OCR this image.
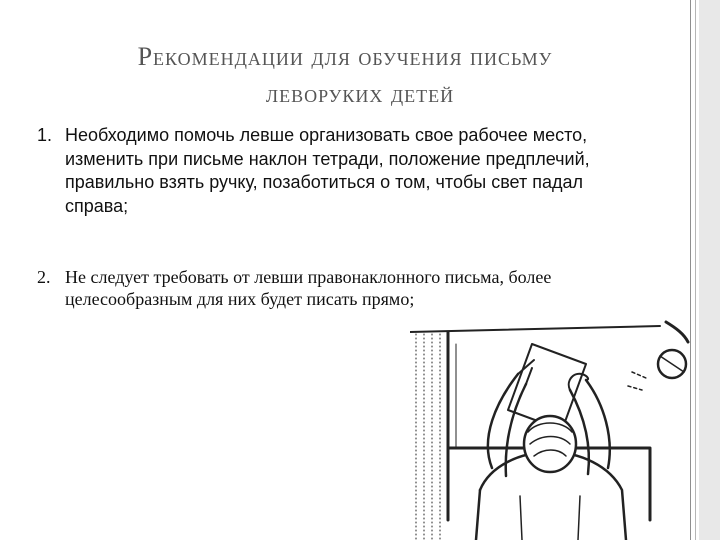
Рекомендации для обучения письму
леворуких детей
1. Необходимо помочь левше организовать свое рабочее место, изменить при письме наклон тетради, положение предплечий, правильно взять ручку, позаботиться о том, чтобы свет падал справа;
2. Не следует требовать от левши правонаклонного письма, более целесообразным для них будет писать прямо;
